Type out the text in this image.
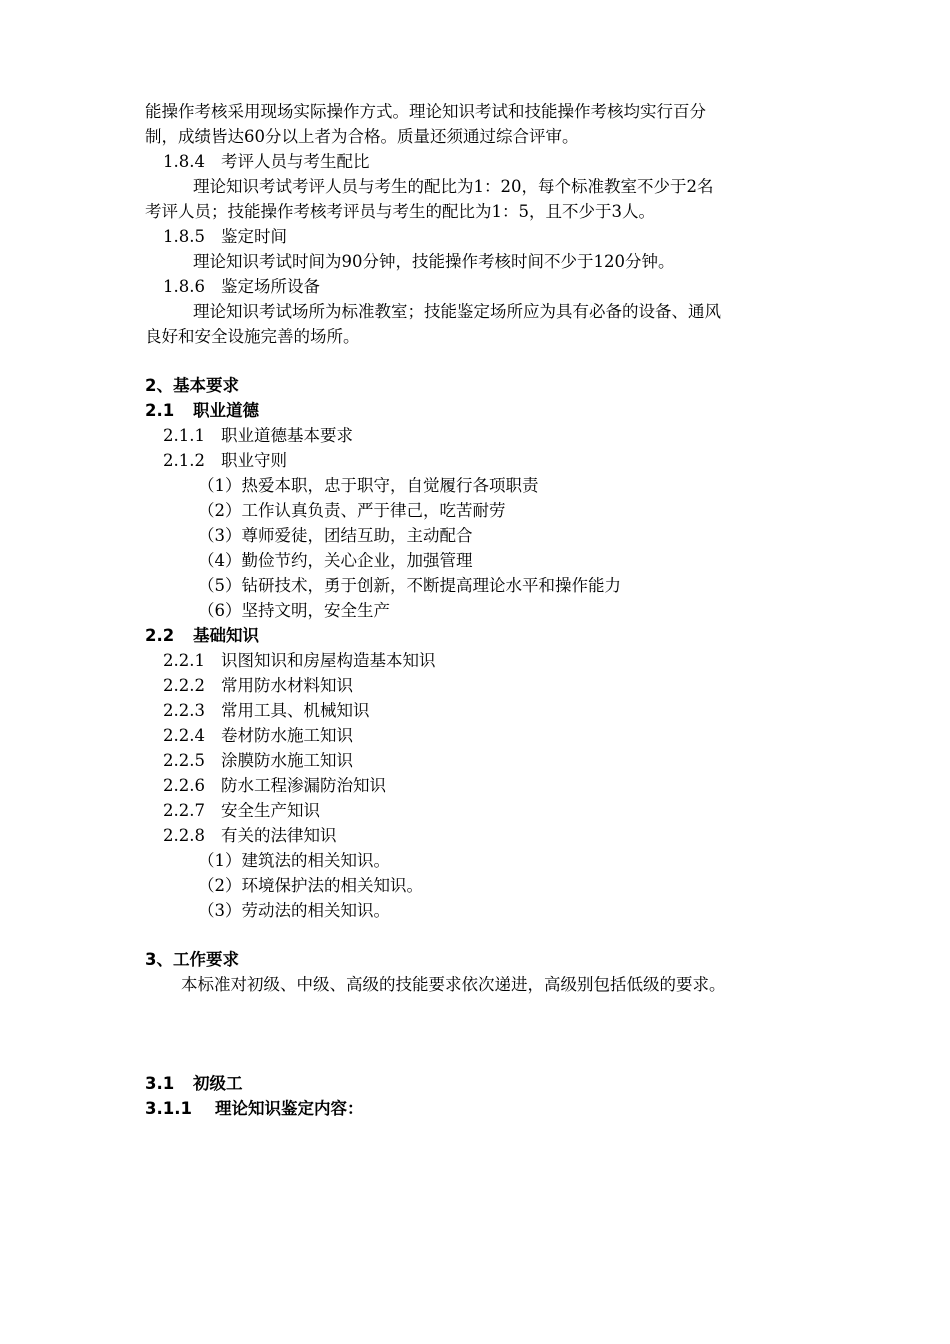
能操作考核采用现场实际操作方式。理论知识考试和技能操作考核均实行百分
制，成绩皆达60分以上者为合格。质量还须通过综合评审。
1.8.4 考评人员与考生配比
理论知识考试考评人员与考生的配比为1：20，每个标准教室不少于2名
考评人员；技能操作考核考评员与考生的配比为1：5，且不少于3人。
1.8.5 鉴定时间
理论知识考试时间为90分钟，技能操作考核时间不少于120分钟。
1.8.6 鉴定场所设备
理论知识考试场所为标准教室；技能鉴定场所应为具有必备的设备、通风
良好和安全设施完善的场所。
2、基本要求
2.1 职业道德
2.1.1 职业道德基本要求
2.1.2 职业守则
（1）热爱本职，忠于职守，自觉履行各项职责
（2）工作认真负责、严于律己，吃苦耐劳
（3）尊师爱徒，团结互助，主动配合
（4）勤俭节约，关心企业，加强管理
（5）钻研技术，勇于创新，不断提高理论水平和操作能力
（6）坚持文明，安全生产
2.2 基础知识
2.2.1 识图知识和房屋构造基本知识
2.2.2 常用防水材料知识
2.2.3 常用工具、机械知识
2.2.4 卷材防水施工知识
2.2.5 涂膜防水施工知识
2.2.6 防水工程渗漏防治知识
2.2.7 安全生产知识
2.2.8 有关的法律知识
（1）建筑法的相关知识。
（2）环境保护法的相关知识。
（3）劳动法的相关知识。
3、工作要求
本标准对初级、中级、高级的技能要求依次递进，高级别包括低级的要求。
3.1 初级工
3.1.1 理论知识鉴定内容：
